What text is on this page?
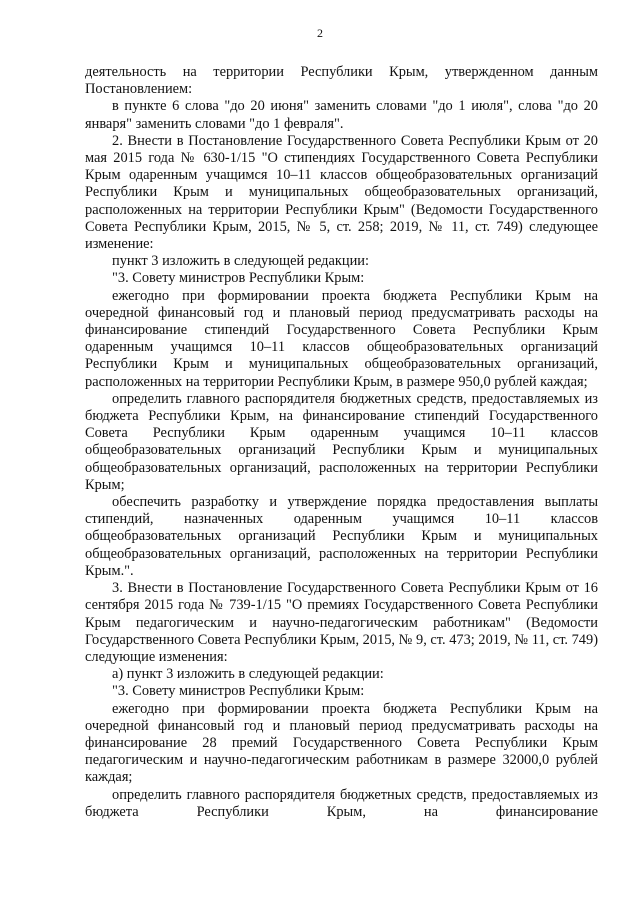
2

деятельность на территории Республики Крым, утвержденном данным Постановлением:

в пункте 6 слова "до 20 июня" заменить словами "до 1 июля", слова "до 20 января" заменить словами "до 1 февраля".

2. Внести в Постановление Государственного Совета Республики Крым от 20 мая 2015 года № 630-1/15 "О стипендиях Государственного Совета Республики Крым одаренным учащимся 10–11 классов общеобразовательных организаций Республики Крым и муниципальных общеобразовательных организаций, расположенных на территории Республики Крым" (Ведомости Государственного Совета Республики Крым, 2015, № 5, ст. 258; 2019, № 11, ст. 749) следующее изменение:

пункт 3 изложить в следующей редакции:

"3. Совету министров Республики Крым:

ежегодно при формировании проекта бюджета Республики Крым на очередной финансовый год и плановый период предусматривать расходы на финансирование стипендий Государственного Совета Республики Крым одаренным учащимся 10–11 классов общеобразовательных организаций Республики Крым и муниципальных общеобразовательных организаций, расположенных на территории Республики Крым, в размере 950,0 рублей каждая;

определить главного распорядителя бюджетных средств, предоставляемых из бюджета Республики Крым, на финансирование стипендий Государственного Совета Республики Крым одаренным учащимся 10–11 классов общеобразовательных организаций Республики Крым и муниципальных общеобразовательных организаций, расположенных на территории Республики Крым;

обеспечить разработку и утверждение порядка предоставления выплаты стипендий, назначенных одаренным учащимся 10–11 классов общеобразовательных организаций Республики Крым и муниципальных общеобразовательных организаций, расположенных на территории Республики Крым.".

3. Внести в Постановление Государственного Совета Республики Крым от 16 сентября 2015 года № 739-1/15 "О премиях Государственного Совета Республики Крым педагогическим и научно-педагогическим работникам" (Ведомости Государственного Совета Республики Крым, 2015, № 9, ст. 473; 2019, № 11, ст. 749) следующие изменения:

а) пункт 3 изложить в следующей редакции:

"3. Совету министров Республики Крым:

ежегодно при формировании проекта бюджета Республики Крым на очередной финансовый год и плановый период предусматривать расходы на финансирование 28 премий Государственного Совета Республики Крым педагогическим и научно-педагогическим работникам в размере 32000,0 рублей каждая;

определить главного распорядителя бюджетных средств, предоставляемых из бюджета Республики Крым, на финансирование
